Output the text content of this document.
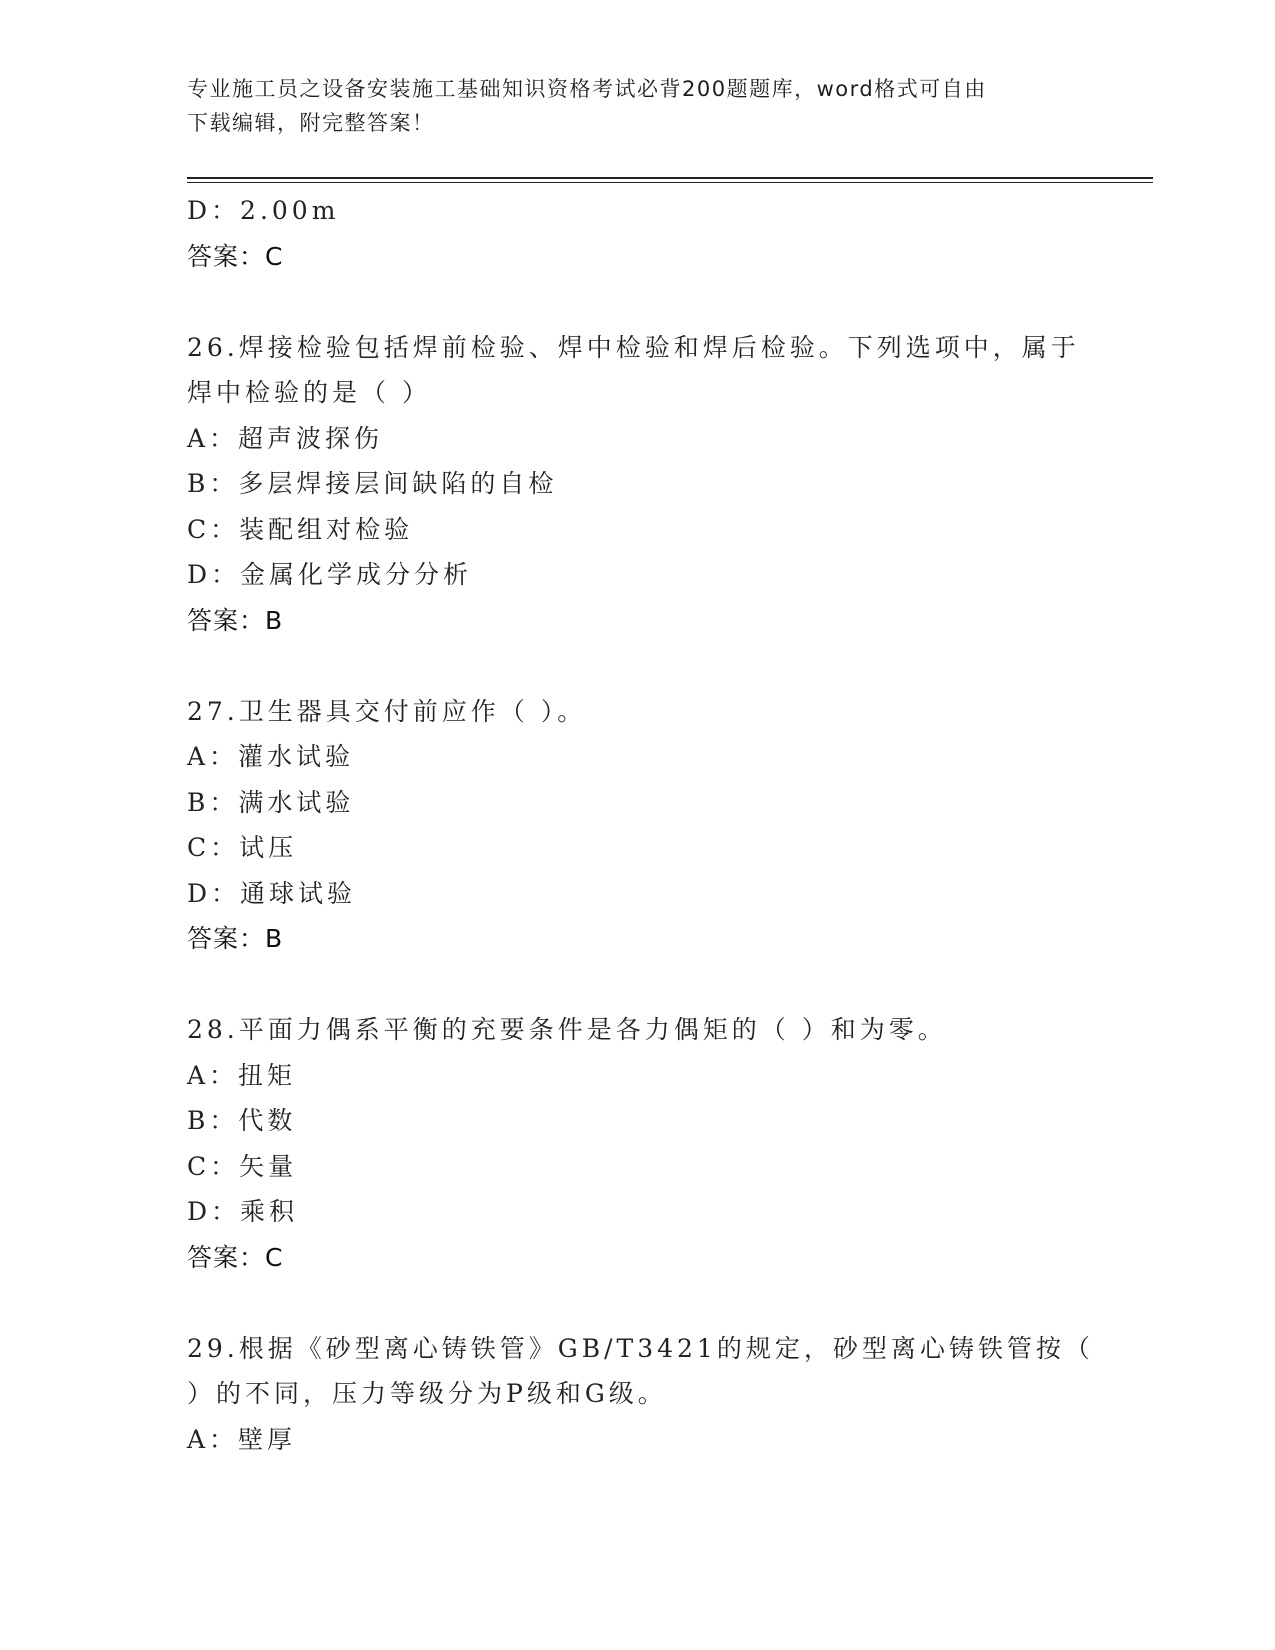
专业施工员之设备安装施工基础知识资格考试必背200题题库，word格式可自由
下载编辑，附完整答案！
D：2.00m
答案：C
26.焊接检验包括焊前检验、焊中检验和焊后检验。下列选项中，属于
焊中检验的是（ ）
A：超声波探伤
B：多层焊接层间缺陷的自检
C：装配组对检验
D：金属化学成分分析
答案：B
27.卫生器具交付前应作（ ）。
A：灌水试验
B：满水试验
C：试压
D：通球试验
答案：B
28.平面力偶系平衡的充要条件是各力偶矩的（ ）和为零。
A：扭矩
B：代数
C：矢量
D：乘积
答案：C
29.根据《砂型离心铸铁管》GB/T3421的规定，砂型离心铸铁管按（
）的不同，压力等级分为P级和G级。
A：壁厚
